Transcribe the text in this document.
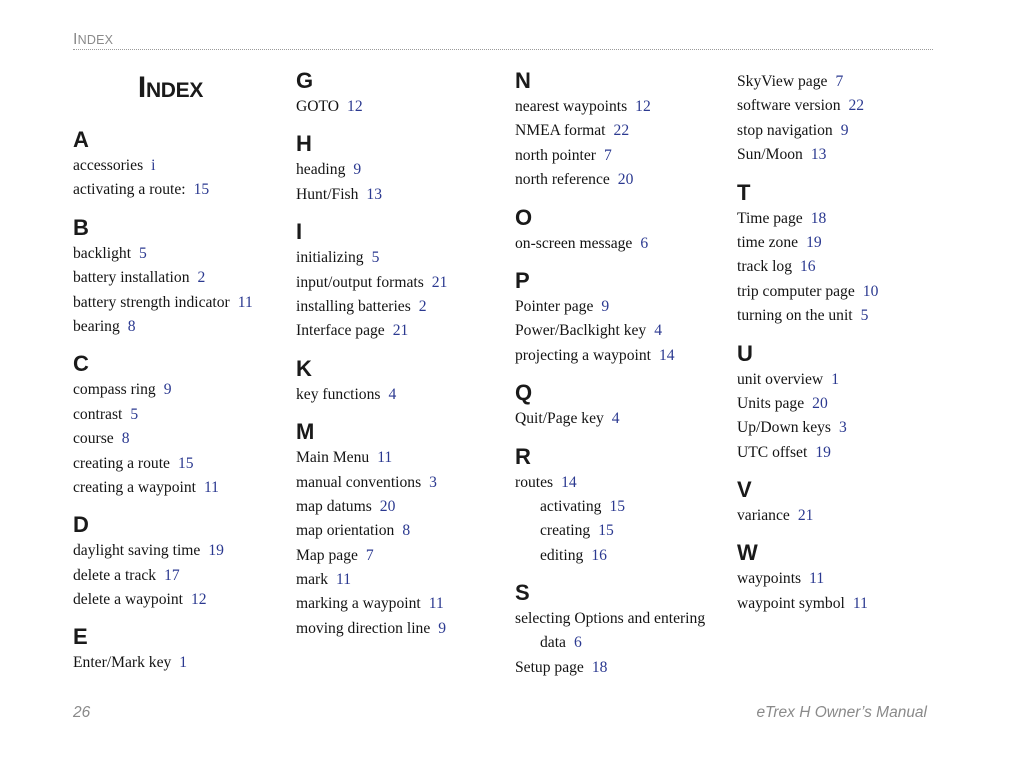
INDEX
INDEX
A
accessories i
activating a route: 15
B
backlight 5
battery installation 2
battery strength indicator 11
bearing 8
C
compass ring 9
contrast 5
course 8
creating a route 15
creating a waypoint 11
D
daylight saving time 19
delete a track 17
delete a waypoint 12
E
Enter/Mark key 1
G
GOTO 12
H
heading 9
Hunt/Fish 13
I
initializing 5
input/output formats 21
installing batteries 2
Interface page 21
K
key functions 4
M
Main Menu 11
manual conventions 3
map datums 20
map orientation 8
Map page 7
mark 11
marking a waypoint 11
moving direction line 9
N
nearest waypoints 12
NMEA format 22
north pointer 7
north reference 20
O
on-screen message 6
P
Pointer page 9
Power/Baclkight key 4
projecting a waypoint 14
Q
Quit/Page key 4
R
routes 14
activating 15
creating 15
editing 16
S
selecting Options and entering
data 6
Setup page 18
SkyView page 7
software version 22
stop navigation 9
Sun/Moon 13
T
Time page 18
time zone 19
track log 16
trip computer page 10
turning on the unit 5
U
unit overview 1
Units page 20
Up/Down keys 3
UTC offset 19
V
variance 21
W
waypoints 11
waypoint symbol 11
26	eTrex H Owner’s Manual
